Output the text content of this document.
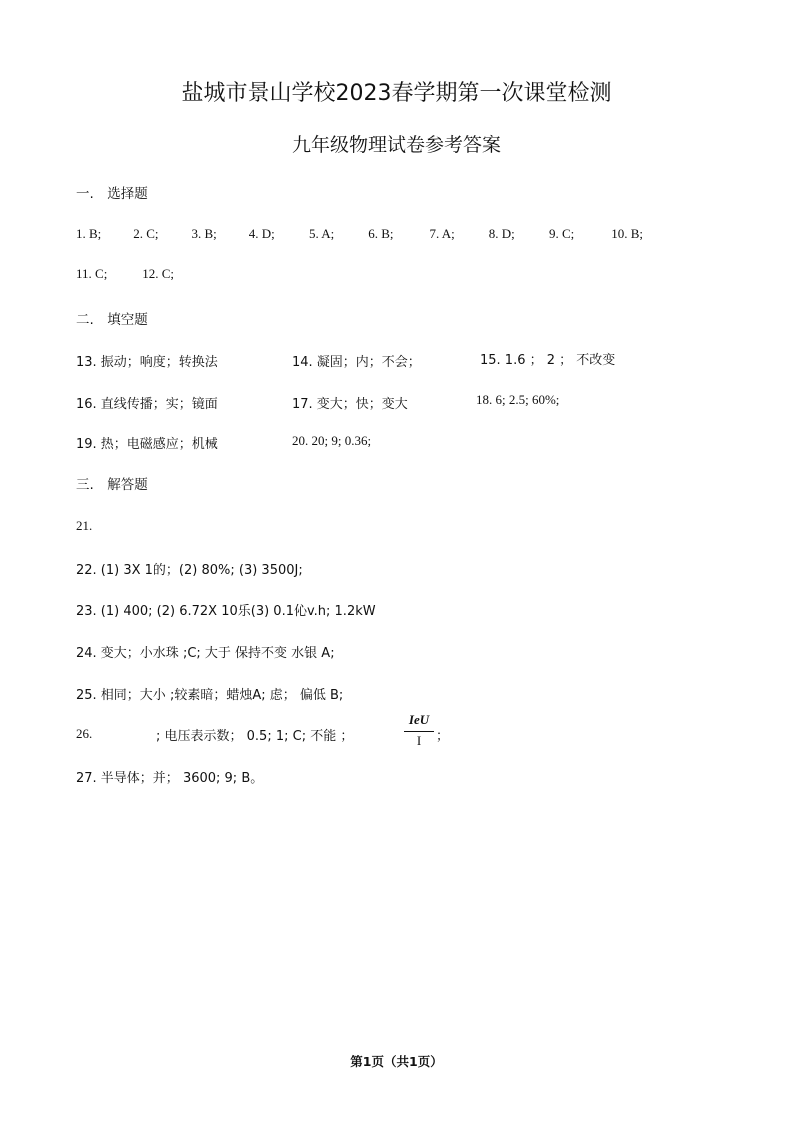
盐城市景山学校2023春学期第一次课堂检测
九年级物理试卷参考答案
一.　选择题
1. B; 2. C;	3. B; 4. D;	5. A;	6. B;	7. A;	8. D;	9. C;	10. B;
11. C;	12. C;
二.　填空题
13. 振动；响度；转换法	14. 凝固；内；不会；	15. 1.6 ； 2 ； 不改变
16. 直线传播；实；镜面	17. 变大；快；变大	18. 6; 2.5; 60%;
19. 热；电磁感应；机械	20. 20; 9; 0.36;
三.　解答题
21.
22. (1) 3X 1的；(2) 80%; (3) 3500J;
23. (1) 400; (2) 6.72X 10乐(3) 0.1伈v.h; 1.2kW
24. 变大；小水珠 ;C; 大于 保持不变 水银 A;
25. 相同；大小 ;较素暗；蜡烛A; 虑； 偏低 B;
26.	; 电压表示数； 0.5; 1; C; 不能 ；
IeU
I	；
27. 半导体；并； 3600; 9; B。
第1页（共1页）
